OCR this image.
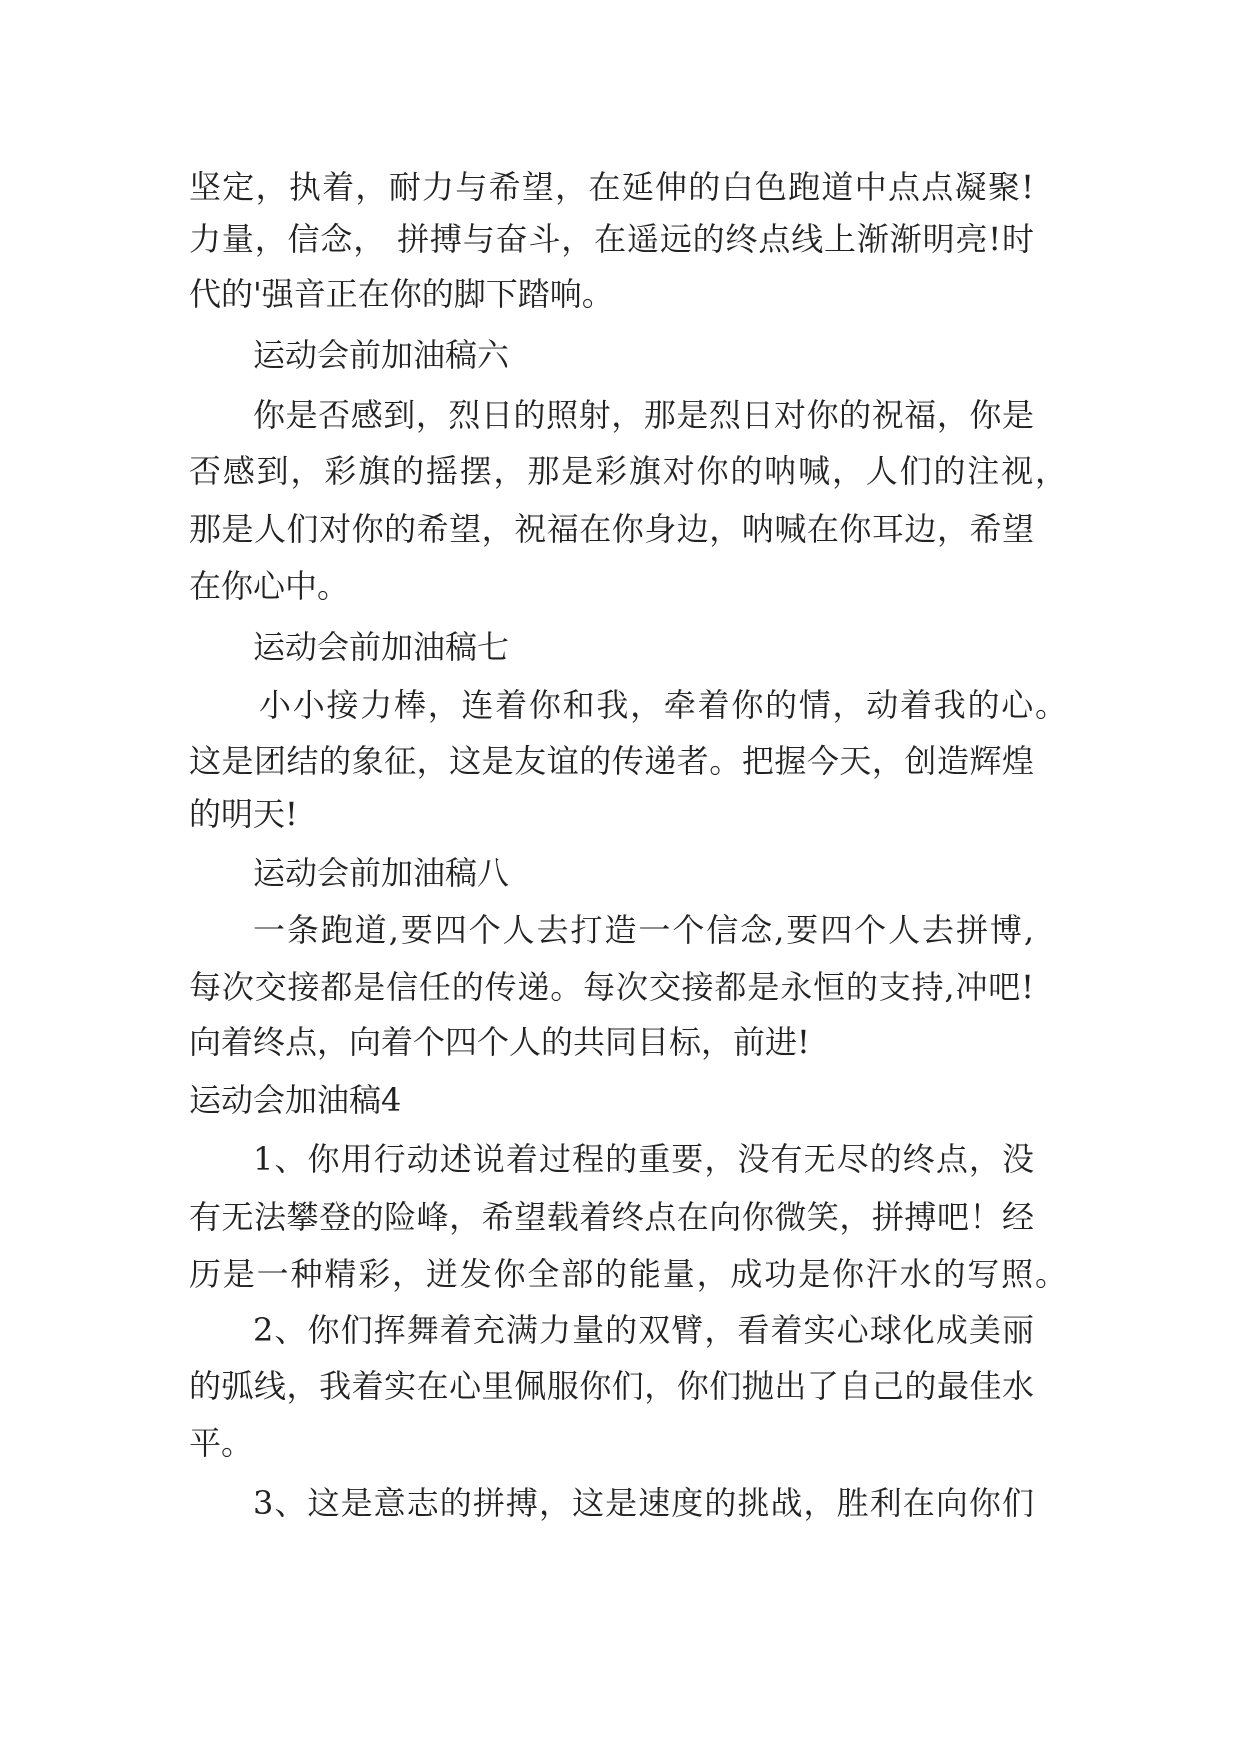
坚定，执着，耐力与希望，在延伸的白色跑道中点点凝聚!
力量，信念， 拼搏与奋斗，在遥远的终点线上渐渐明亮!时
代的'强音正在你的脚下踏响。
运动会前加油稿六
你是否感到，烈日的照射，那是烈日对你的祝福，你是
否感到，彩旗的摇摆，那是彩旗对你的呐喊，人们的注视，
那是人们对你的希望，祝福在你身边，呐喊在你耳边，希望
在你心中。
运动会前加油稿七
小小接力棒，连着你和我，牵着你的情，动着我的心。
这是团结的象征，这是友谊的传递者。把握今天，创造辉煌
的明天!
运动会前加油稿八
一条跑道,要四个人去打造一个信念,要四个人去拼博,
每次交接都是信任的传递。每次交接都是永恒的支持,冲吧!
向着终点，向着个四个人的共同目标，前进!
运动会加油稿4
1、你用行动述说着过程的重要，没有无尽的终点，没
有无法攀登的险峰，希望载着终点在向你微笑，拼搏吧！经
历是一种精彩，迸发你全部的能量，成功是你汗水的写照。
2、你们挥舞着充满力量的双臂，看着实心球化成美丽
的弧线，我着实在心里佩服你们，你们抛出了自己的最佳水
平。
3、这是意志的拼搏，这是速度的挑战，胜利在向你们
